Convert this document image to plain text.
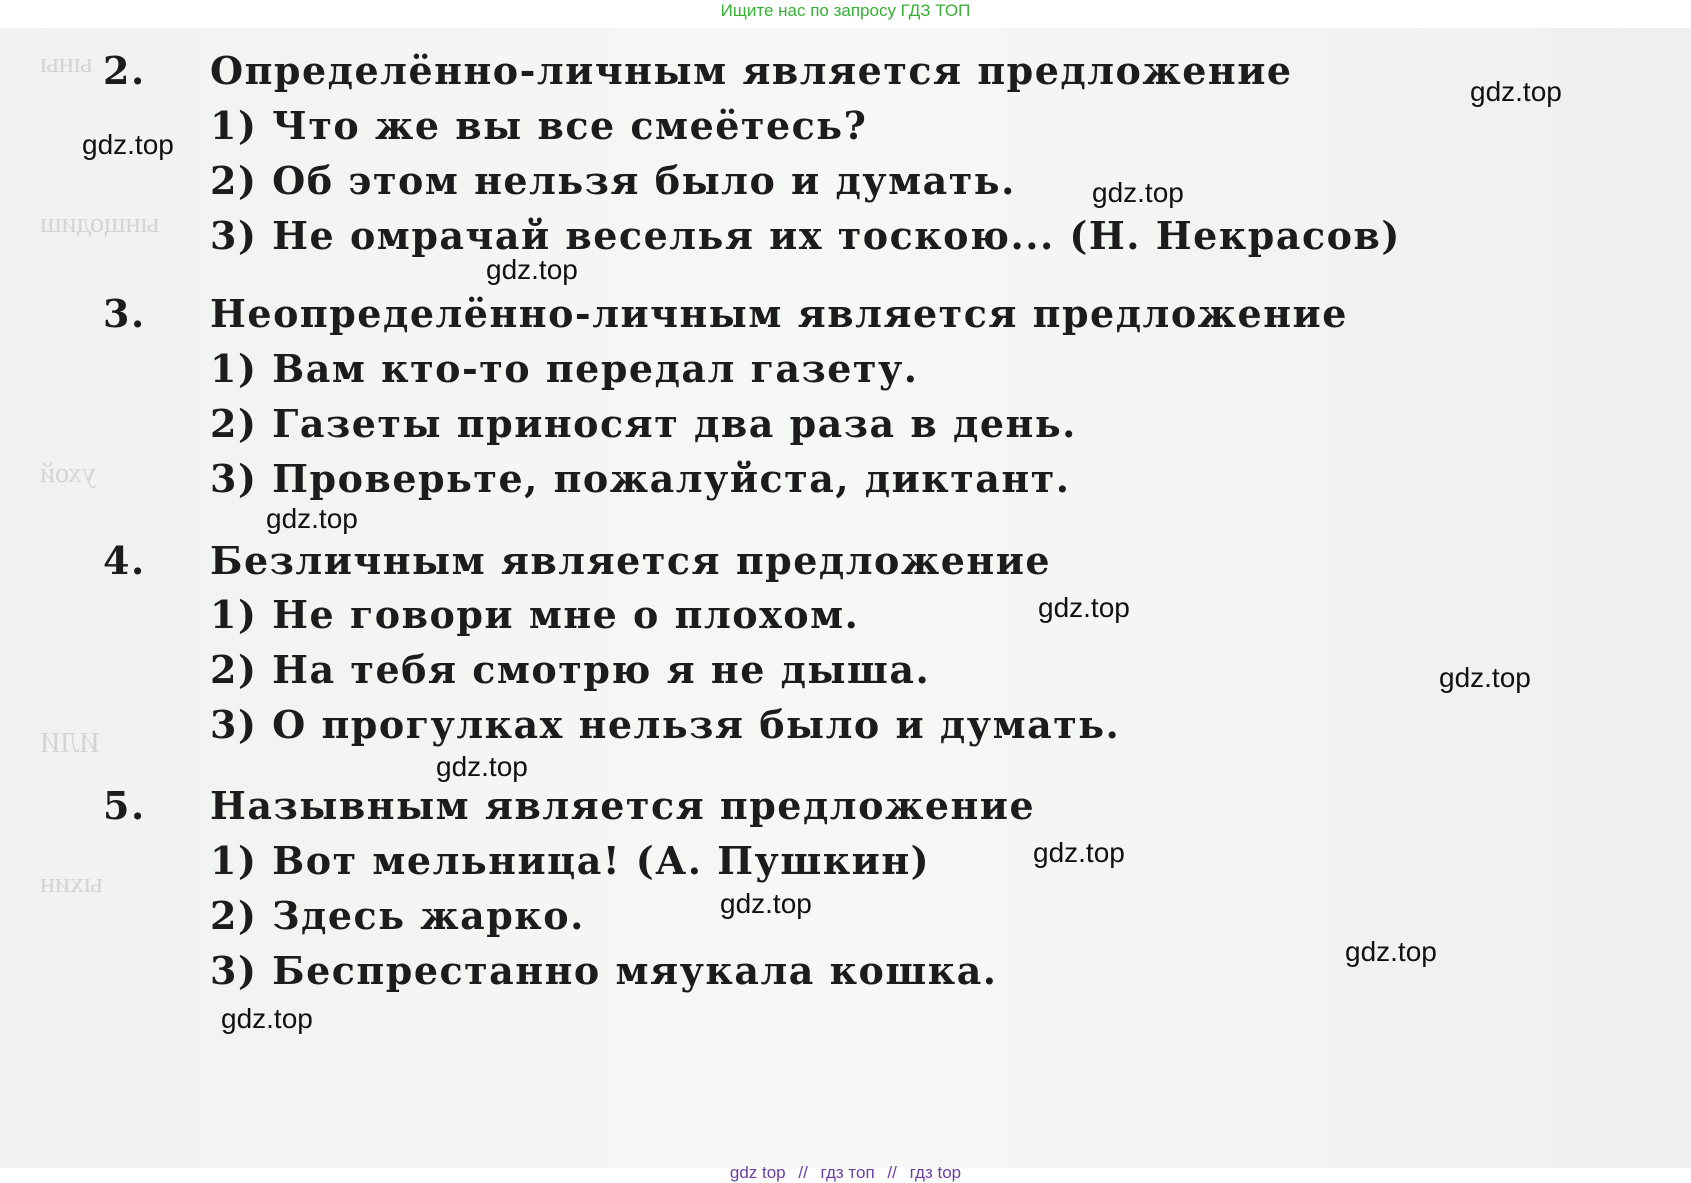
Ищите нас по запросу ГДЗ ТОП
ыны
ынщодиш
ухой
ИЛИ
ыхин
2. Определённо-личным является предложение
1) Что же вы все смеётесь?
2) Об этом нельзя было и думать.
3) Не омрачай веселья их тоскою... (Н. Некрасов)
3. Неопределённо-личным является предложение
1) Вам кто-то передал газету.
2) Газеты приносят два раза в день.
3) Проверьте, пожалуйста, диктант.
4. Безличным является предложение
1) Не говори мне о плохом.
2) На тебя смотрю я не дыша.
3) О прогулках нельзя было и думать.
5. Назывным является предложение
1) Вот мельница! (А. Пушкин)
2) Здесь жарко.
3) Беспрестанно мяукала кошка.
gdz.top
gdz.top
gdz.top
gdz.top
gdz.top
gdz.top
gdz.top
gdz.top
gdz.top
gdz.top
gdz.top
gdz.top
gdz top // гдз топ // гдз top
